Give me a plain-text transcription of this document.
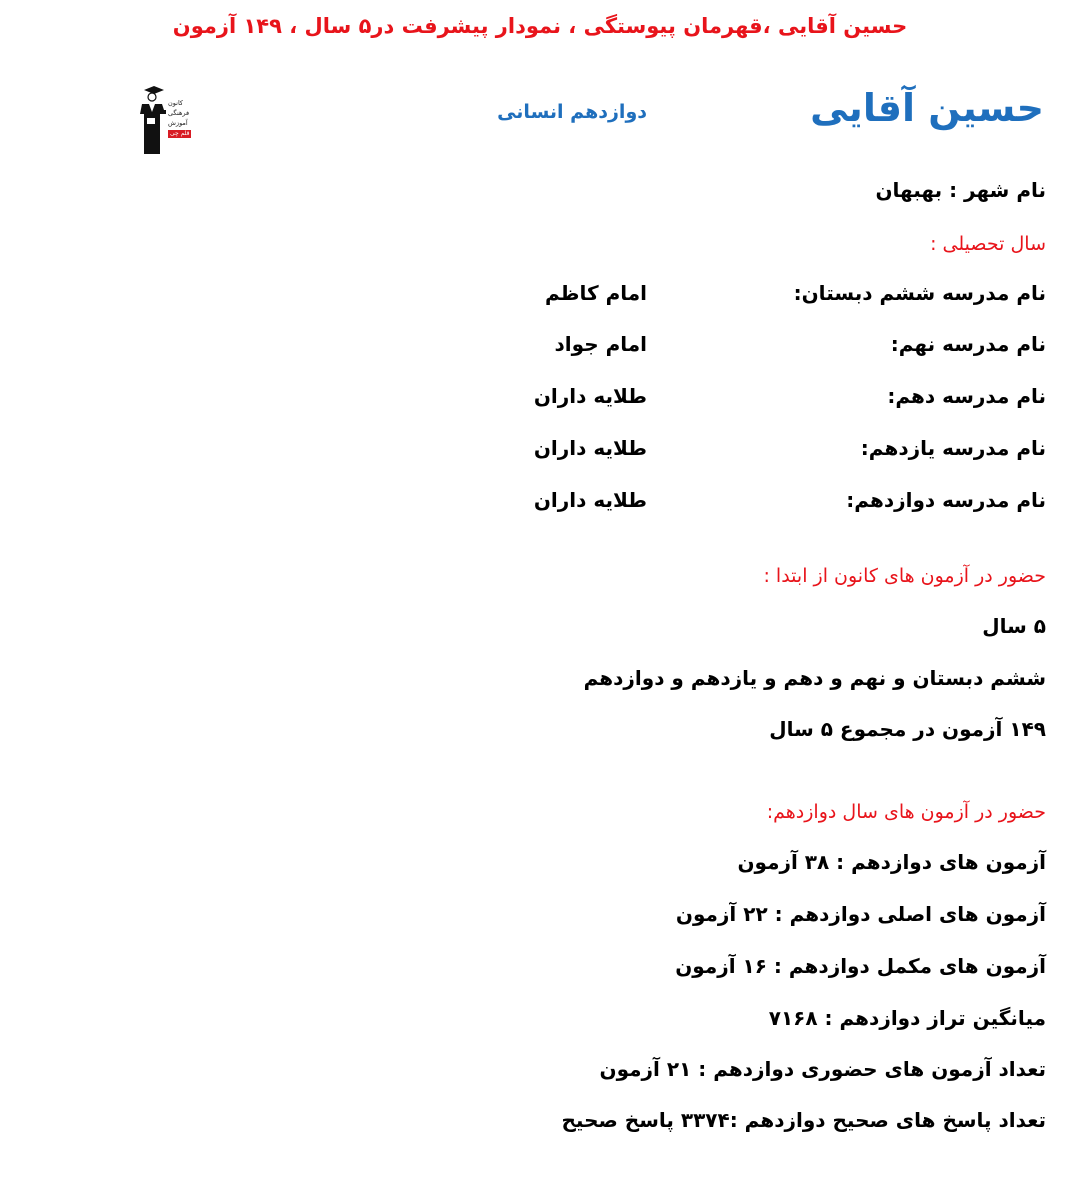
حسین آقایی ،قهرمان پیوستگی ، نمودار پیشرفت در۵ سال ، ۱۴۹ آزمون
کانون
فرهنگی
آموزش
قلم چی
دوازدهم انسانی	حسین آقایی
نام شهر : بهبهان
سال تحصیلی :
نام مدرسه ششم دبستان:
امام کاظم
نام مدرسه نهم:
امام جواد
نام مدرسه دهم:
طلایه داران
نام مدرسه یازدهم:
طلایه داران
نام مدرسه دوازدهم:
طلایه داران
حضور در آزمون های کانون از ابتدا :
۵ سال
ششم دبستان و نهم و دهم و یازدهم و دوازدهم
۱۴۹ آزمون در مجموع ۵ سال
حضور در آزمون های سال دوازدهم:
آزمون های دوازدهم : ۳۸ آزمون
آزمون های اصلی دوازدهم : ۲۲ آزمون
آزمون های مکمل دوازدهم : ۱۶ آزمون
میانگین تراز دوازدهم : ۷۱۶۸
تعداد آزمون های حضوری دوازدهم : ۲۱ آزمون
تعداد پاسخ های صحیح دوازدهم :۳۳۷۴ پاسخ صحیح
